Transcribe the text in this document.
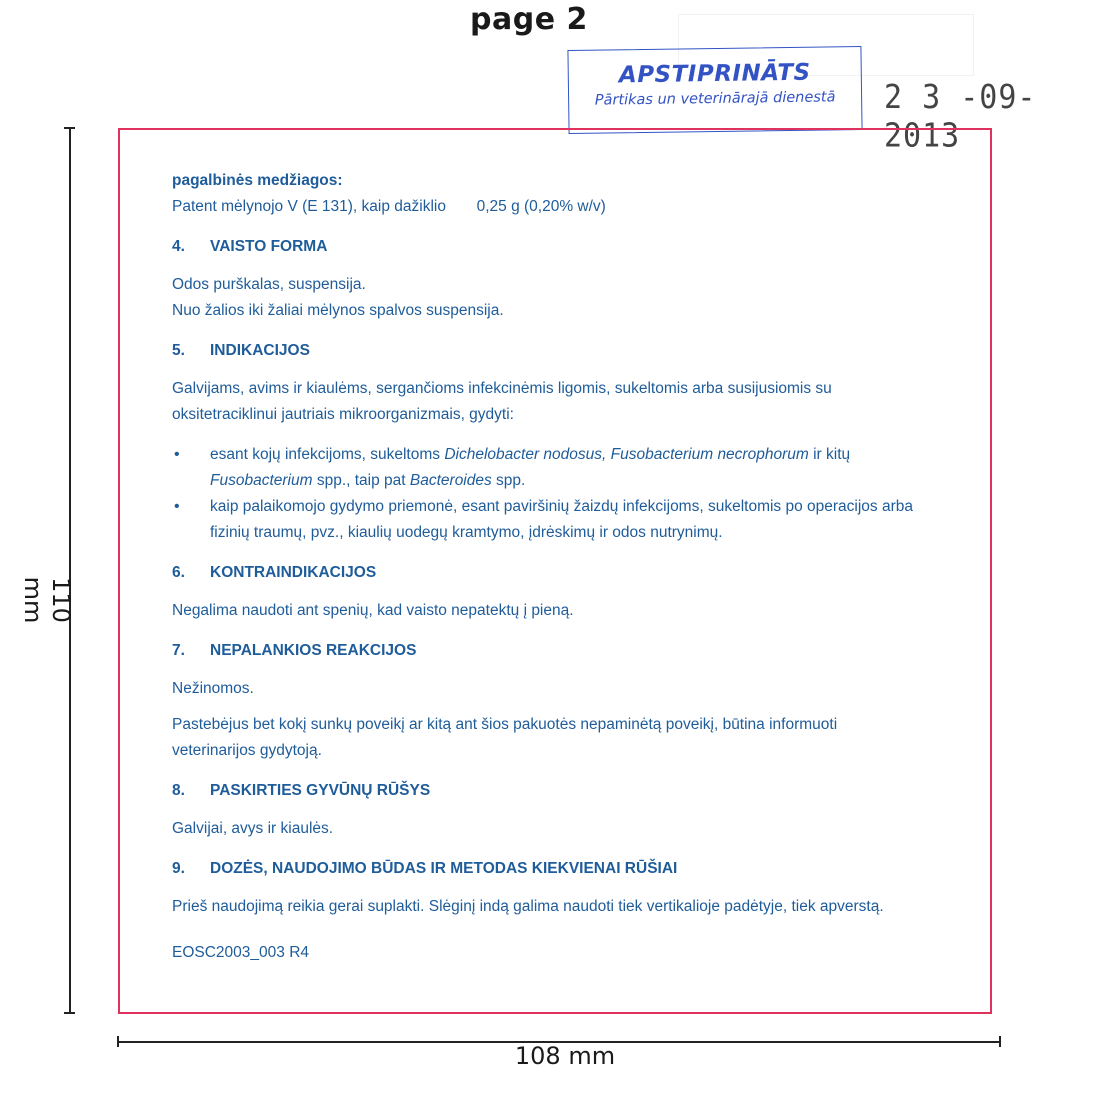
page 2
APSTIPRINĀTS
Pārtikas un veterinārajā dienestā	2 3 -09- 2013
110 mm
108 mm
pagalbinės medžiagos:
Patent mėlynojo V (E 131), kaip dažiklio 0,25 g (0,20% w/v)
4. VAISTO FORMA
Odos purškalas, suspensija.
Nuo žalios iki žaliai mėlynos spalvos suspensija.
5. INDIKACIJOS
Galvijams, avims ir kiaulėms, sergančioms infekcinėmis ligomis, sukeltomis arba susijusiomis su
oksitetraciklinui jautriais mikroorganizmais, gydyti:
• esant kojų infekcijoms, sukeltoms Dichelobacter nodosus, Fusobacterium necrophorum ir kitų
Fusobacterium spp., taip pat Bacteroides spp.
• kaip palaikomojo gydymo priemonė, esant paviršinių žaizdų infekcijoms, sukeltomis po operacijos arba
fizinių traumų, pvz., kiaulių uodegų kramtymo, įdrėskimų ir odos nutrynimų.
6. KONTRAINDIKACIJOS
Negalima naudoti ant spenių, kad vaisto nepatektų į pieną.
7. NEPALANKIOS REAKCIJOS
Nežinomos.
Pastebėjus bet kokį sunkų poveikį ar kitą ant šios pakuotės nepaminėtą poveikį, būtina informuoti
veterinarijos gydytoją.
8. PASKIRTIES GYVŪNŲ RŪŠYS
Galvijai, avys ir kiaulės.
9. DOZĖS, NAUDOJIMO BŪDAS IR METODAS KIEKVIENAI RŪŠIAI
Prieš naudojimą reikia gerai suplakti. Slėginį indą galima naudoti tiek vertikalioje padėtyje, tiek apverstą.
EOSC2003_003 R4
